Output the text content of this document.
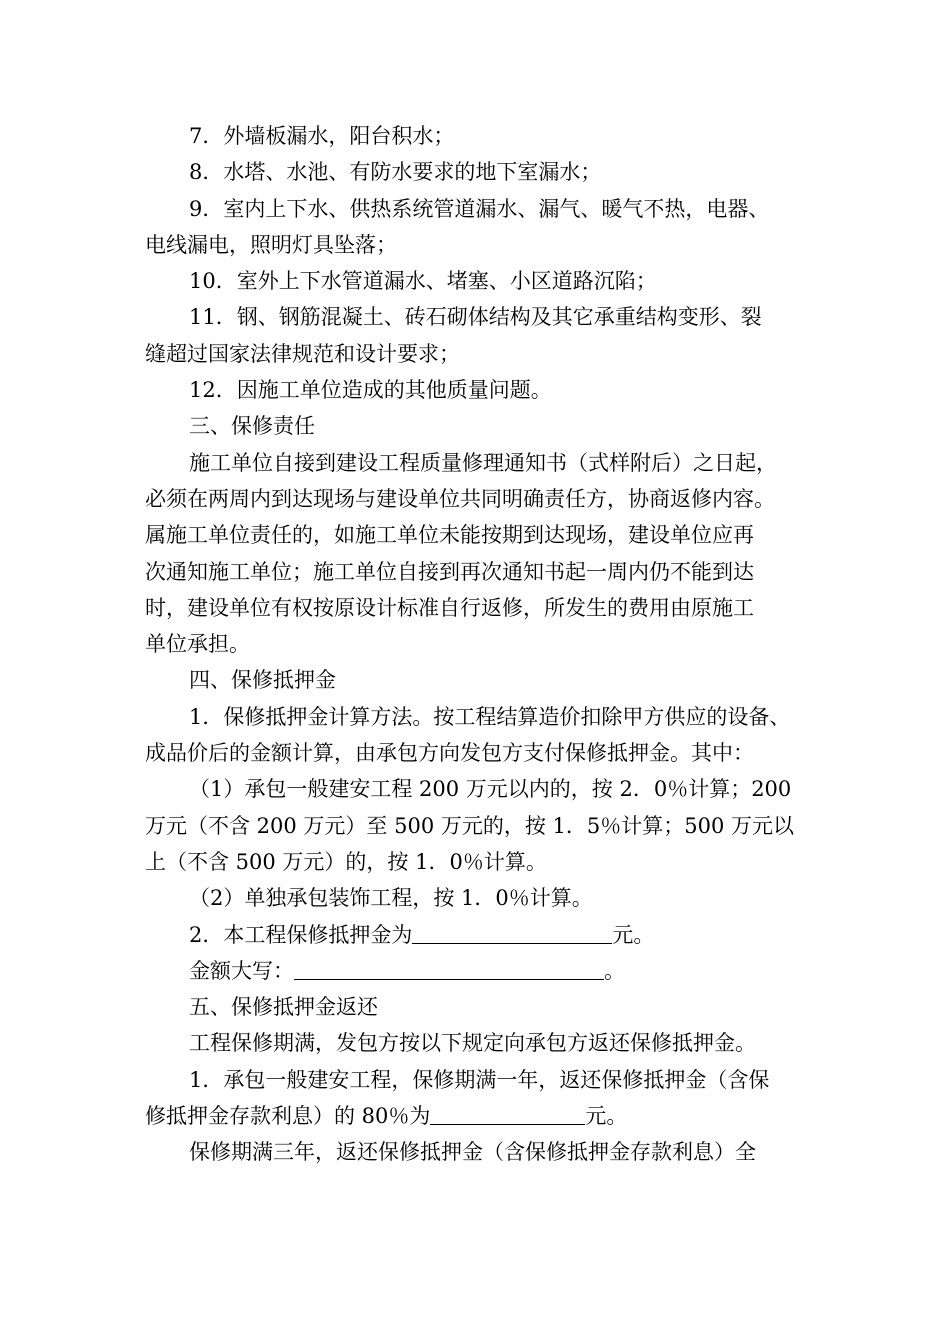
7．外墙板漏水，阳台积水；

8．水塔、水池、有防水要求的地下室漏水；

9．室内上下水、供热系统管道漏水、漏气、暖气不热，电器、

电线漏电，照明灯具坠落；

10．室外上下水管道漏水、堵塞、小区道路沉陷；

11．钢、钢筋混凝土、砖石砌体结构及其它承重结构变形、裂

缝超过国家法律规范和设计要求；

12．因施工单位造成的其他质量问题。

三、保修责任

施工单位自接到建设工程质量修理通知书（式样附后）之日起，

必须在两周内到达现场与建设单位共同明确责任方，协商返修内容。

属施工单位责任的，如施工单位未能按期到达现场，建设单位应再

次通知施工单位；施工单位自接到再次通知书起一周内仍不能到达

时，建设单位有权按原设计标准自行返修，所发生的费用由原施工

单位承担。

四、保修抵押金

1．保修抵押金计算方法。按工程结算造价扣除甲方供应的设备、

成品价后的金额计算，由承包方向发包方支付保修抵押金。其中：

（1）承包一般建安工程 200 万元以内的，按 2．0％计算；200

万元（不含 200 万元）至 500 万元的，按 1．5％计算；500 万元以

上（不含 500 万元）的，按 1．0％计算。

（2）单独承包装饰工程，按 1．0％计算。

2．本工程保修抵押金为	元。

金额大写：	。

五、保修抵押金返还

工程保修期满，发包方按以下规定向承包方返还保修抵押金。

1．承包一般建安工程，保修期满一年，返还保修抵押金（含保

修抵押金存款利息）的 80％为	元。

保修期满三年，返还保修抵押金（含保修抵押金存款利息）全
